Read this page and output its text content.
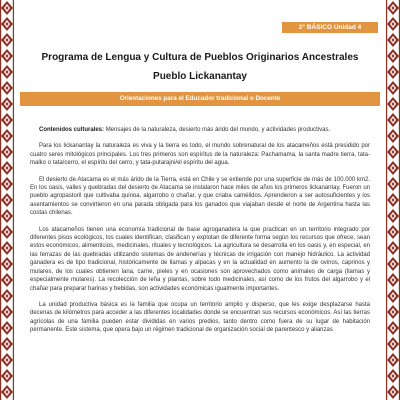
2° BÁSICO Unidad 4
Programa de Lengua y Cultura de Pueblos Originarios Ancestrales
Pueblo Lickanantay
Orientaciones para el Educador tradicional o Docente

Contenidos culturales: Mensajes de la naturaleza, desierto más árido del mundo, y actividades productivas.

Para los lickanantay la naturaleza es viva y la tierra es todo, el mundo sobrenatural de los atacameños está presidido por cuatro seres mitológicos principales. Los tres primeros son espíritus de la naturaleza: Pachamama, la santa madre tierra, tata-malko o tata/cerro, el espíritu del cerro, y tata-putarajni/el espíritu del agua.

El desierto de Atacama es el más árido de la Tierra, está en Chile y se extiende por una superficie de más de 100.000 km2. En los oasis, valles y quebradas del desierto de Atacama se instalaron hace miles de años los primeros lickanantay. Fueron un pueblo agropastoril que cultivaba quinoa, algarrobo o chañar, y que criaba camélidos. Aprendieron a ser autosuficientes y los asentamientos se convirtieron en una parada obligada para los ganados que viajaban desde el norte de Argentina hasta las costas chilenas.

Los atacameños tienen una economía tradicional de base agroganadera la que practican en un territorio integrado por diferentes pisos ecológicos, los cuales identifican, clasifican y explotan de diferente forma según los recursos que ofrece, sean estos económicos, alimenticios, medicinales, rituales y tecnológicos. La agricultura se desarrolla en los oasis y, en especial, en las terrazas de las quebradas utilizando sistemas de andenerías y técnicas de irrigación con manejo hidráulico. La actividad ganadera es de tipo tradicional, históricamente de llamas y alpacas y en la actualidad en aumento la de ovinos, caprinos y mulares, de los cuales obtienen lana, carne, pieles y en ocasiones son aprovechados como animales de carga (llamas y especialmente mulares). La recolección de leña y plantas, sobre todo medicinales, así como de los frutos del algarrobo y el chañar para preparar harinas y bebidas, son actividades económicas igualmente importantes.

La unidad productiva básica es la familia que ocupa un territorio amplio y disperso, que les exige desplazarse hasta decenas de kilómetros para acceder a las diferentes localidades donde se encuentran sus recursos económicos. Así las tierras agrícolas de una familia pueden estar divididas en varios predios, tanto dentro como fuera de su lugar de habitación permanente. Este sistema, que opera bajo un régimen tradicional de organización social de parentesco y alianzas
